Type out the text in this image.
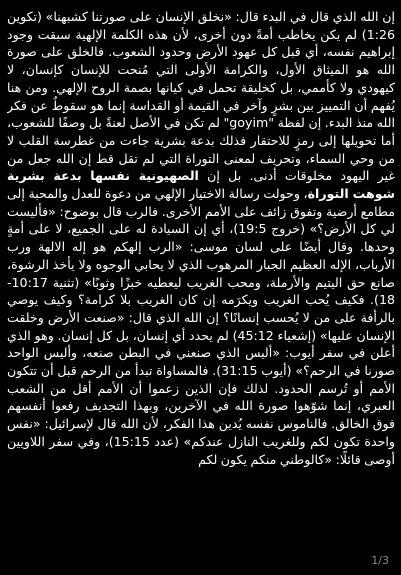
إن الله الذي قال في البدء قال: «نخلق الإنسان على صورتنا كشبهنا» (تكوين 1:26) لم يكن يخاطب أمةً دون أخرى، لأن هذه الكلمة الإلهية سبقت وجود إبراهيم نفسه، أي قبل كل عهود الأرض وحدود الشعوب. فالخلق على صورة الله هو الميثاق الأول، والكرامة الأولى التي مُنحت للإنسان كإنسان، لا كيهودي ولا كأممي، بل كخليقة تحمل في كيانها بصمة الروح الإلهي. ومن هنا يُفهم أن التمييز بين بشرٍ وآخر في القيمة أو القداسة إنما هو سقوطٌ عن فكر الله منذ البدء. إن لفظة "goyim" لم تكن في الأصل لعنةً بل وصفًا للشعوب، أما تحويلها إلى رمزٍ للاحتقار فذلك بدعة بشرية جاءت من غطرسة القلب لا من وحي السماء، وتحريف لمعنى التوراة التي لم تقل قط إن الله جعل من غير اليهود مخلوقات أدنى. بل إن الصهيونية نفسها بدعة بشرية شوهت التوراة، وحولت رسالة الاختيار الإلهي من دعوة للعدل والمحبة إلى مطامع أرضية وتفوق زائف على الأمم الأخرى. فالرب قال بوضوح: «فأليست لي كل الأرض؟» (خروج 19:5)، أي إن السيادة له على الجميع، لا على أمةٍ وحدها. وقال أيضًا على لسان موسى: «الرب إلهكم هو إله الالهة ورب الأرباب، الإله العظيم الجبار المرهوب الذي لا يحابي الوجوه ولا يأخذ الرشوة، صانع حق اليتيم والأرملة، ومحب الغريب ليعطيه خبزًا وثوبًا» (تثنية 10:17-18). فكيف يُحب الغريب ويكرَمه إن كان الغريب بلا كرامة؟ وكيف يوصي بالرأفة على من لا يُحسب إنسانًا؟ إن الله الذي قال: «صنعت الأرض وخلقت الإنسان عليها» (إشعياء 45:12) لم يحدد أي إنسان، بل كل إنسان. وهو الذي أعلن في سفر أيوب: «أليس الذي صنعني في البطن صنعه، وأليس الواحد صورنا في الرحم؟» (أيوب 31:15). فالمساواة تبدأ من الرحم قبل أن تتكون الأمم أو تُرسم الحدود. لذلك فإن الذين زعموا أن الأمم أقل من الشعب العبري، إنما شوّهوا صورة الله في الآخرين، وبهذا التجديف رفعوا أنفسهم فوق الخالق. فالناموس نفسه يُدين هذا الفكر، لأن الله قال لإسرائيل: «نفس واحدة تكون لكم وللغريب النازل عندكم» (عدد 15:15)، وفي سفر اللاويين أوصى قائلًا: «كالوطني منكم يكون لكم
1/3
